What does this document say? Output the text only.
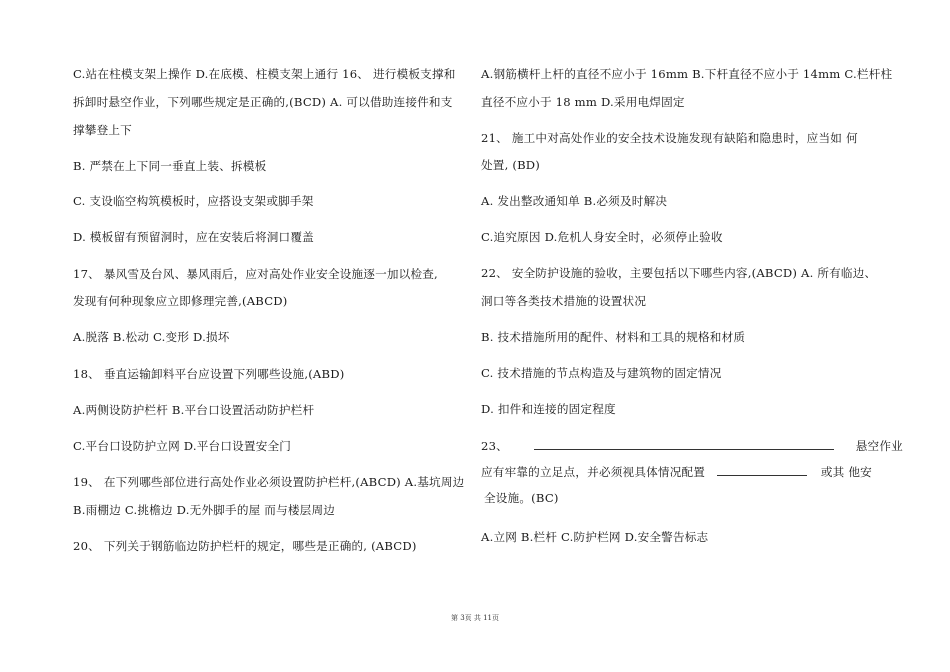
C.站在柱模支架上操作 D.在底模、柱模支架上通行 16、 进行模板支撑和
拆卸时悬空作业，下列哪些规定是正确的,(BCD) A. 可以借助连接件和支
撑攀登上下
B. 严禁在上下同一垂直上装、拆模板
C. 支设临空构筑模板时，应搭设支架或脚手架
D. 模板留有预留洞时，应在安装后将洞口覆盖
17、 暴风雪及台风、暴风雨后，应对高处作业安全设施逐一加以检查,
发现有何种现象应立即修理完善,(ABCD)
A.脱落 B.松动 C.变形 D.损坏
18、 垂直运输卸料平台应设置下列哪些设施,(ABD)
A.两侧设防护栏杆 B.平台口设置活动防护栏杆
C.平台口设防护立网 D.平台口设置安全门
19、 在下列哪些部位进行高处作业必须设置防护栏杆,(ABCD) A.基坑周边
B.雨棚边 C.挑檐边 D.无外脚手的屋 而与楼层周边
20、 下列关于钢筋临边防护栏杆的规定，哪些是正确的, (ABCD)
A.钢筋横杆上杆的直径不应小于 16mm B.下杆直径不应小于 14mm C.栏杆柱
直径不应小于 18 mm D.采用电焊固定
21、 施工中对高处作业的安全技术设施发现有缺陷和隐患时，应当如 何
处置, (BD)
A. 发出整改通知单 B.必须及时解决
C.追究原因 D.危机人身安全时，必须停止验收
22、 安全防护设施的验收，主要包括以下哪些内容,(ABCD) A. 所有临边、
洞口等各类技术措施的设置状况
B. 技术措施所用的配件、材料和工具的规格和材质
C. 技术措施的节点构造及与建筑物的固定情况
D. 扣件和连接的固定程度
23、	悬空作业
应有牢靠的立足点，并必须视具体情况配置	或其 他安
全设施。(BC)
A.立网 B.栏杆 C.防护栏网 D.安全警告标志
第 3页 共 11页
